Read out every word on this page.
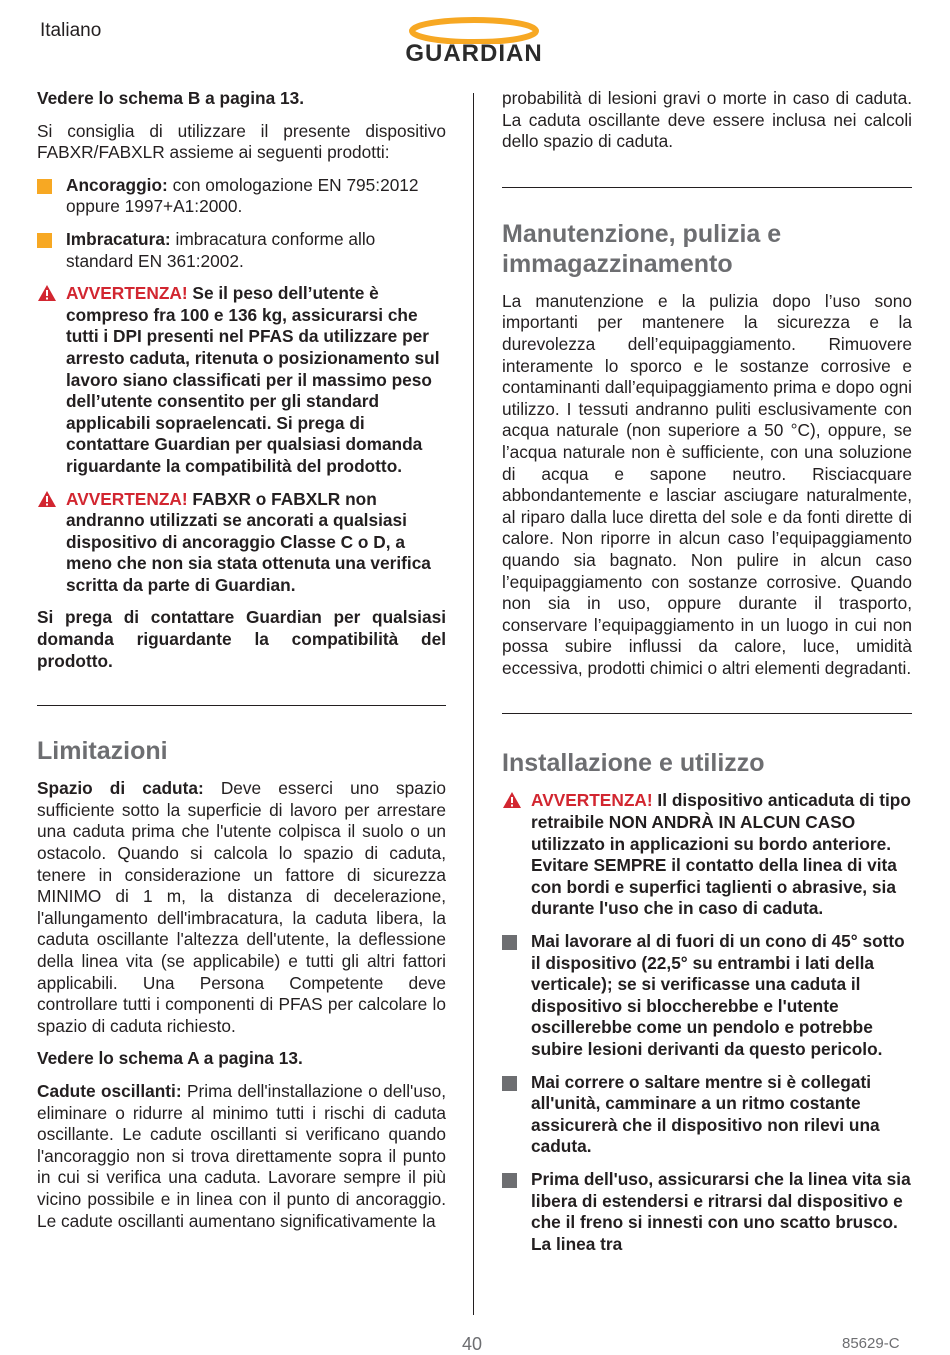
Italiano
GUARDIAN

Vedere lo schema B a pagina 13.

Si consiglia di utilizzare il presente dispositivo FABXR/FABXLR assieme ai seguenti prodotti:

Ancoraggio: con omologazione EN 795:2012 oppure 1997+A1:2000.
Imbracatura: imbracatura conforme allo standard EN 361:2002.
AVVERTENZA! Se il peso dell’utente è compreso fra 100 e 136 kg, assicurarsi che tutti i DPI presenti nel PFAS da utilizzare per arresto caduta, ritenuta o posizionamento sul lavoro siano classificati per il massimo peso dell’utente consentito per gli standard applicabili sopraelencati. Si prega di contattare Guardian per qualsiasi domanda riguardante la compatibilità del prodotto.
AVVERTENZA! FABXR o FABXLR non andranno utilizzati se ancorati a qualsiasi dispositivo di ancoraggio Classe C o D, a meno che non sia stata ottenuta una verifica scritta da parte di Guardian.

Si prega di contattare Guardian per qualsiasi domanda riguardante la compatibilità del prodotto.

Limitazioni

Spazio di caduta: Deve esserci uno spazio sufficiente sotto la superficie di lavoro per arrestare una caduta prima che l'utente colpisca il suolo o un ostacolo. Quando si calcola lo spazio di caduta, tenere in considerazione un fattore di sicurezza MINIMO di 1 m, la distanza di decelerazione, l'allungamento dell'imbracatura, la caduta libera, la caduta oscillante l'altezza dell'utente, la deflessione della linea vita (se applicabile) e tutti gli altri fattori applicabili. Una Persona Competente deve controllare tutti i componenti di PFAS per calcolare lo spazio di caduta richiesto.

Vedere lo schema A a pagina 13.

Cadute oscillanti: Prima dell'installazione o dell'uso, eliminare o ridurre al minimo tutti i rischi di caduta oscillante. Le cadute oscillanti si verificano quando l'ancoraggio non si trova direttamente sopra il punto in cui si verifica una caduta. Lavorare sempre il più vicino possibile e in linea con il punto di ancoraggio. Le cadute oscillanti aumentano significativamente la

probabilità di lesioni gravi o morte in caso di caduta. La caduta oscillante deve essere inclusa nei calcoli dello spazio di caduta.

Manutenzione, pulizia e immagazzinamento

La manutenzione e la pulizia dopo l’uso sono importanti per mantenere la sicurezza e la durevolezza dell’equipaggiamento. Rimuovere interamente lo sporco e le sostanze corrosive e contaminanti dall’equipaggiamento prima e dopo ogni utilizzo. I tessuti andranno puliti esclusivamente con acqua naturale (non superiore a 50 °C), oppure, se l’acqua naturale non è sufficiente, con una soluzione di acqua e sapone neutro. Risciacquare abbondantemente e lasciar asciugare naturalmente, al riparo dalla luce diretta del sole e da fonti dirette di calore. Non riporre in alcun caso l’equipaggiamento quando sia bagnato. Non pulire in alcun caso l’equipaggiamento con sostanze corrosive. Quando non sia in uso, oppure durante il trasporto, conservare l’equipaggiamento in un luogo in cui non possa subire influssi da calore, luce, umidità eccessiva, prodotti chimici o altri elementi degradanti.

Installazione e utilizzo
AVVERTENZA! Il dispositivo anticaduta di tipo retraibile NON ANDRÀ IN ALCUN CASO utilizzato in applicazioni su bordo anteriore. Evitare SEMPRE il contatto della linea di vita con bordi e superfici taglienti o abrasive, sia durante l'uso che in caso di caduta.
Mai lavorare al di fuori di un cono di 45° sotto il dispositivo (22,5° su entrambi i lati della verticale); se si verificasse una caduta il dispositivo si bloccherebbe e l'utente oscillerebbe come un pendolo e potrebbe subire lesioni derivanti da questo pericolo.
Mai correre o saltare mentre si è collegati all'unità, camminare a un ritmo costante assicurerà che il dispositivo non rilevi una caduta.
Prima dell'uso, assicurarsi che la linea vita sia libera di estendersi e ritrarsi dal dispositivo e che il freno si innesti con uno scatto brusco. La linea tra
40	85629-C
